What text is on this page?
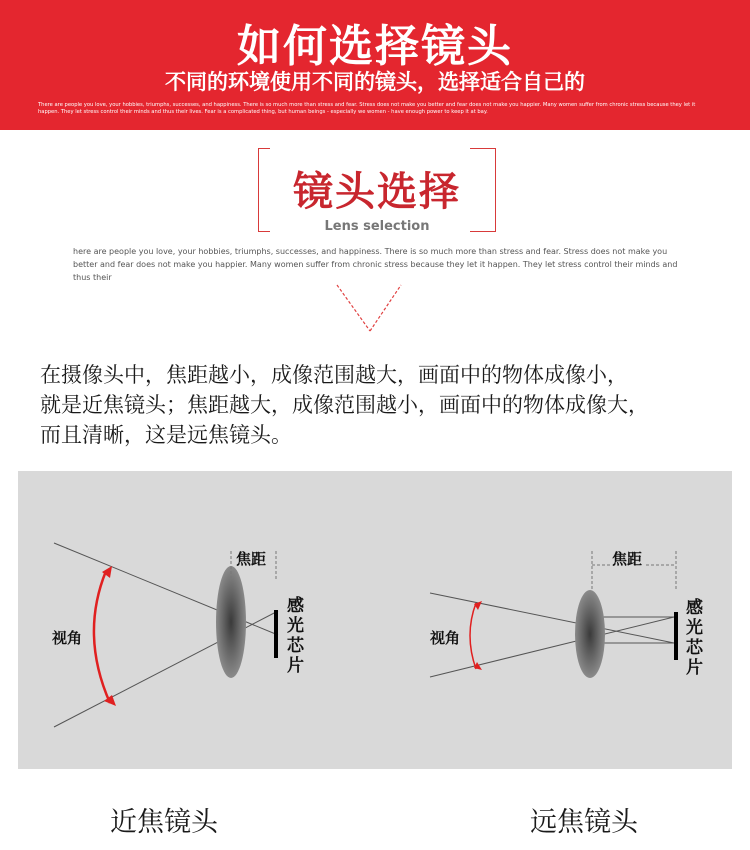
如何选择镜头
不同的环境使用不同的镜头，选择适合自己的
There are people you love, your hobbies, triumphs, successes, and happiness. There is so much more than stress and fear. Stress does not make you better and fear does not make you happier. Many women suffer from chronic stress because they let it happen. They let stress control their minds and thus their lives. Fear is a complicated thing, but human beings - especially we women - have enough power to keep it at bay.
镜头选择
Lens selection
here are people you love, your hobbies, triumphs, successes, and happiness. There is so much more than stress and fear. Stress does not make you better and fear does not make you happier. Many women suffer from chronic stress because they let it happen. They let stress control their minds and thus their
在摄像头中，焦距越小，成像范围越大，画面中的物体成像小，
就是近焦镜头；焦距越大，成像范围越小，画面中的物体成像大，
而且清晰，这是远焦镜头。
焦距
视角
感
光
芯
片
焦距
视角
感
光
芯
片
近焦镜头	远焦镜头
